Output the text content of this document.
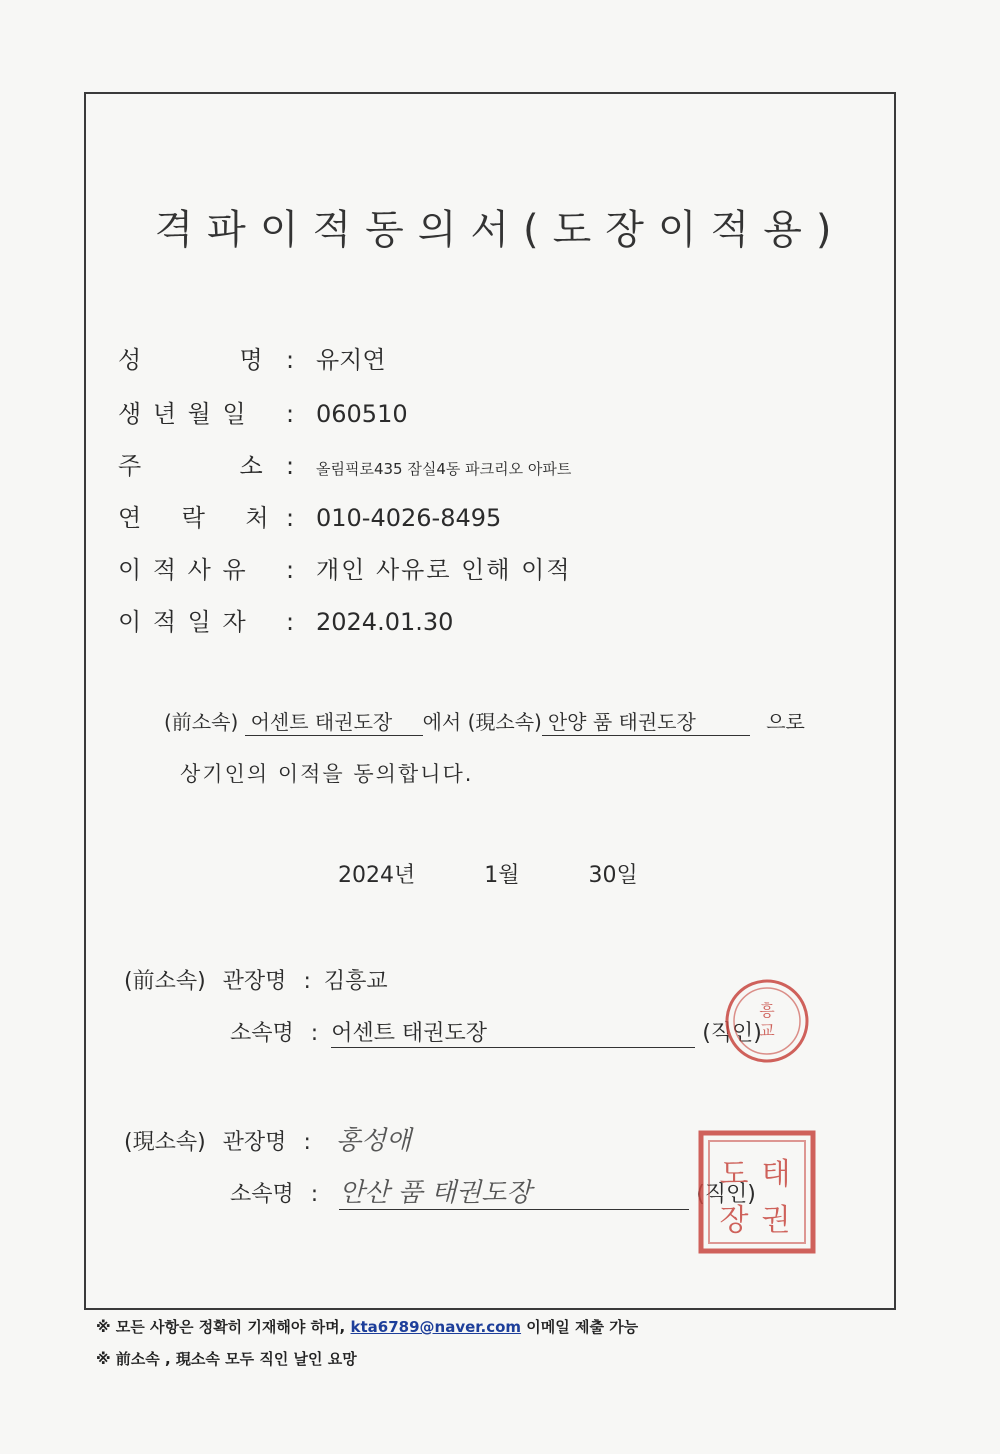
격파이적동의서(도장이적용)
성          명 : 유지연
생 년 월 일 : 060510
주          소 : 올림픽로435 잠실4동 파크리오 아파트
연    락    처 : 010-4026-8495
이 적 사 유 : 개인 사유로 인해 이적
이 적 일 자 : 2024.01.30
(前소속) 어센트 태권도장 에서 (現소속) 안양 품 태권도장	으로
상기인의 이적을 동의합니다.
2024년	1월	30일
(前소속) 관장명 : 김흥교
소속명 : 어센트 태권도장	(직인)
흥
교
(現소속) 관장명 : 홍성애
소속명 : 안산 품 태권도장	(직인)
태
도
권
장
※ 모든 사항은 정확히 기재해야 하며, kta6789@naver.com 이메일 제출 가능
※ 前소속 , 現소속 모두 직인 날인 요망
